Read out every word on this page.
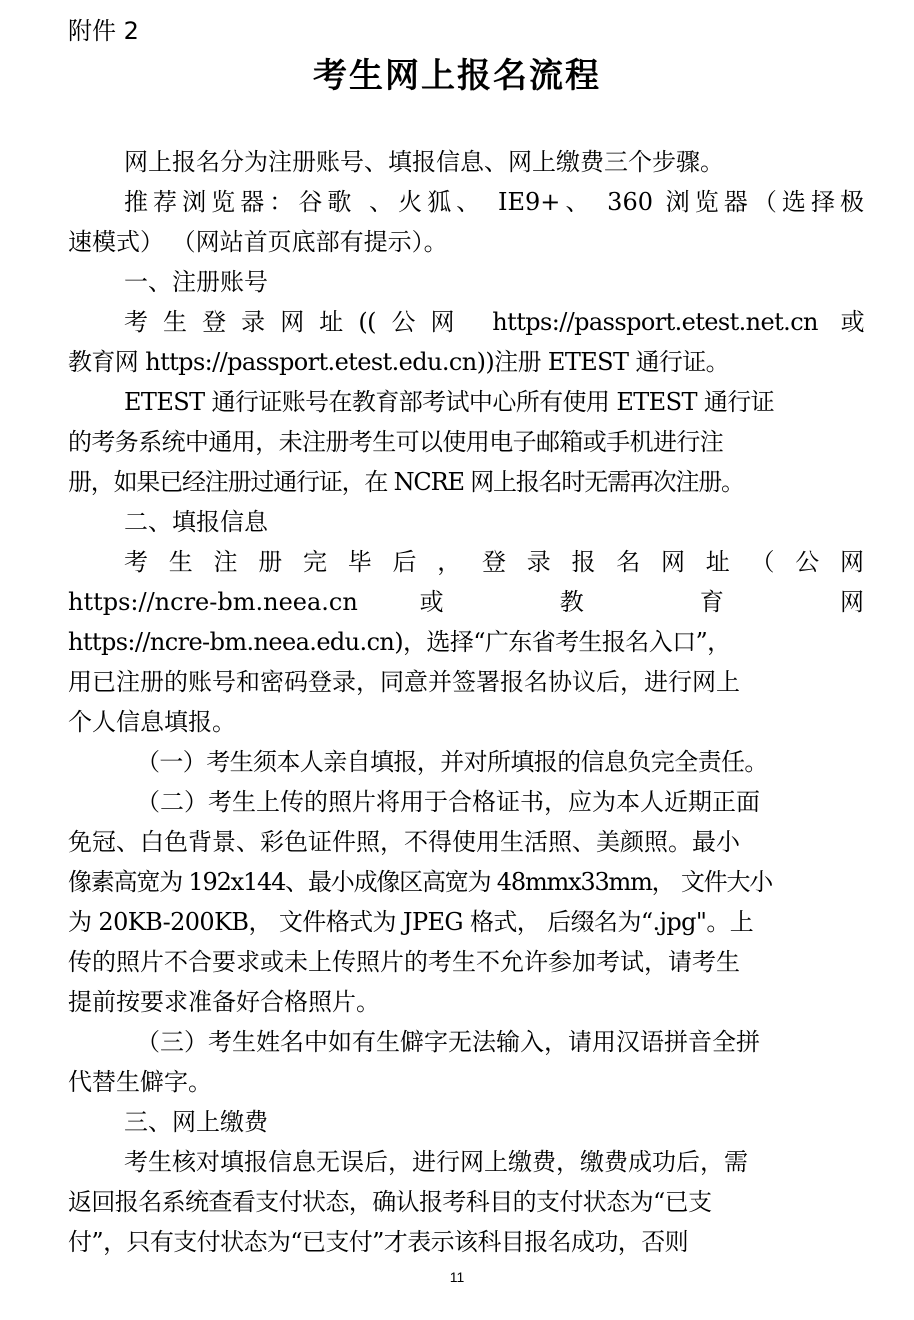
附件 2
考生网上报名流程
网上报名分为注册账号、填报信息、网上缴费三个步骤。
推荐浏览器：谷歌 、火狐、 IE9+、 360 浏览器（选择极
速模式） （网站首页底部有提示）。
一、注册账号
考生登录网址((公网 https://passport.etest.net.cn 或
教育网 https://passport.etest.edu.cn))注册 ETEST 通行证。
ETEST 通行证账号在教育部考试中心所有使用 ETEST 通行证
的考务系统中通用，未注册考生可以使用电子邮箱或手机进行注
册，如果已经注册过通行证，在 NCRE 网上报名时无需再次注册。
二、填报信息
考 生 注 册 完 毕 后 ， 登 录 报 名 网 址 （ 公 网
https://ncre-bm.neea.cn 或 教 育 网
https://ncre-bm.neea.edu.cn)，选择“广东省考生报名入口”，
用已注册的账号和密码登录，同意并签署报名协议后，进行网上
个人信息填报。
（一）考生须本人亲自填报，并对所填报的信息负完全责任。
（二）考生上传的照片将用于合格证书，应为本人近期正面
免冠、白色背景、彩色证件照，不得使用生活照、美颜照。最小
像素高宽为 192x144、最小成像区高宽为 48mmx33mm， 文件大小
为 20KB-200KB， 文件格式为 JPEG 格式， 后缀名为“.jpg"。上
传的照片不合要求或未上传照片的考生不允许参加考试，请考生
提前按要求准备好合格照片。
（三）考生姓名中如有生僻字无法输入，请用汉语拼音全拼
代替生僻字。
三、网上缴费
考生核对填报信息无误后，进行网上缴费，缴费成功后，需
返回报名系统查看支付状态，确认报考科目的支付状态为“已支
付”，只有支付状态为“已支付”才表示该科目报名成功，否则
11
